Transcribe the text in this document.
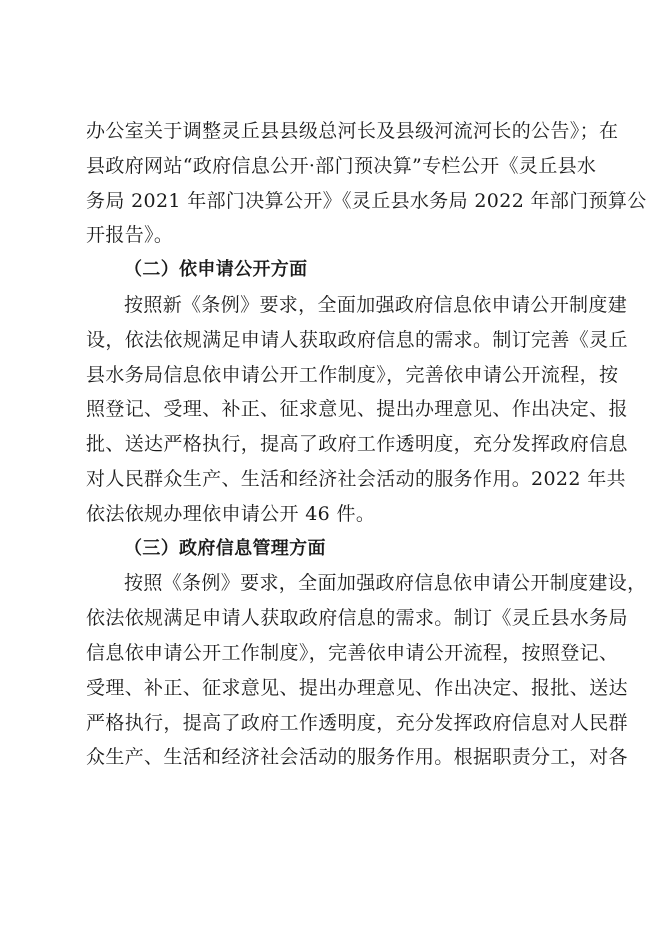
办公室关于调整灵丘县县级总河长及县级河流河长的公告》；在
县政府网站“政府信息公开·部门预决算”专栏公开《灵丘县水
务局 2021 年部门决算公开》《灵丘县水务局 2022 年部门预算公
开报告》。
（二）依申请公开方面
按照新《条例》要求，全面加强政府信息依申请公开制度建
设，依法依规满足申请人获取政府信息的需求。制订完善《灵丘
县水务局信息依申请公开工作制度》，完善依申请公开流程，按
照登记、受理、补正、征求意见、提出办理意见、作出决定、报
批、送达严格执行，提高了政府工作透明度，充分发挥政府信息
对人民群众生产、生活和经济社会活动的服务作用。2022 年共
依法依规办理依申请公开 46 件。
（三）政府信息管理方面
按照《条例》要求，全面加强政府信息依申请公开制度建设，
依法依规满足申请人获取政府信息的需求。制订《灵丘县水务局
信息依申请公开工作制度》，完善依申请公开流程，按照登记、
受理、补正、征求意见、提出办理意见、作出决定、报批、送达
严格执行，提高了政府工作透明度，充分发挥政府信息对人民群
众生产、生活和经济社会活动的服务作用。根据职责分工，对各
